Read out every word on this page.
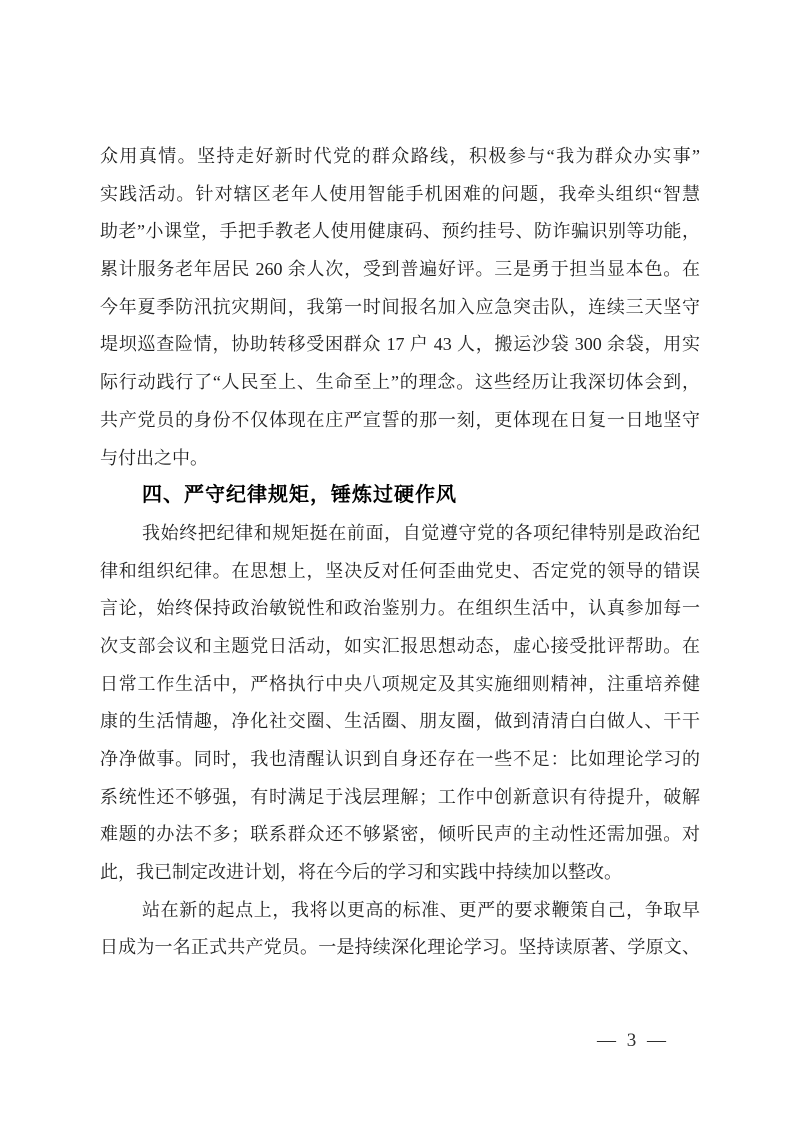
众用真情。坚持走好新时代党的群众路线，积极参与“我为群众办实事”
实践活动。针对辖区老年人使用智能手机困难的问题，我牵头组织“智慧
助老”小课堂，手把手教老人使用健康码、预约挂号、防诈骗识别等功能，
累计服务老年居民 260 余人次，受到普遍好评。三是勇于担当显本色。在
今年夏季防汛抗灾期间，我第一时间报名加入应急突击队，连续三天坚守
堤坝巡查险情，协助转移受困群众 17 户 43 人，搬运沙袋 300 余袋，用实
际行动践行了“人民至上、生命至上”的理念。这些经历让我深切体会到，
共产党员的身份不仅体现在庄严宣誓的那一刻，更体现在日复一日地坚守
与付出之中。
四、严守纪律规矩，锤炼过硬作风
我始终把纪律和规矩挺在前面，自觉遵守党的各项纪律特别是政治纪
律和组织纪律。在思想上，坚决反对任何歪曲党史、否定党的领导的错误
言论，始终保持政治敏锐性和政治鉴别力。在组织生活中，认真参加每一
次支部会议和主题党日活动，如实汇报思想动态，虚心接受批评帮助。在
日常工作生活中，严格执行中央八项规定及其实施细则精神，注重培养健
康的生活情趣，净化社交圈、生活圈、朋友圈，做到清清白白做人、干干
净净做事。同时，我也清醒认识到自身还存在一些不足：比如理论学习的
系统性还不够强，有时满足于浅层理解；工作中创新意识有待提升，破解
难题的办法不多；联系群众还不够紧密，倾听民声的主动性还需加强。对
此，我已制定改进计划，将在今后的学习和实践中持续加以整改。
站在新的起点上，我将以更高的标准、更严的要求鞭策自己，争取早
日成为一名正式共产党员。一是持续深化理论学习。坚持读原著、学原文、
— 3 —
